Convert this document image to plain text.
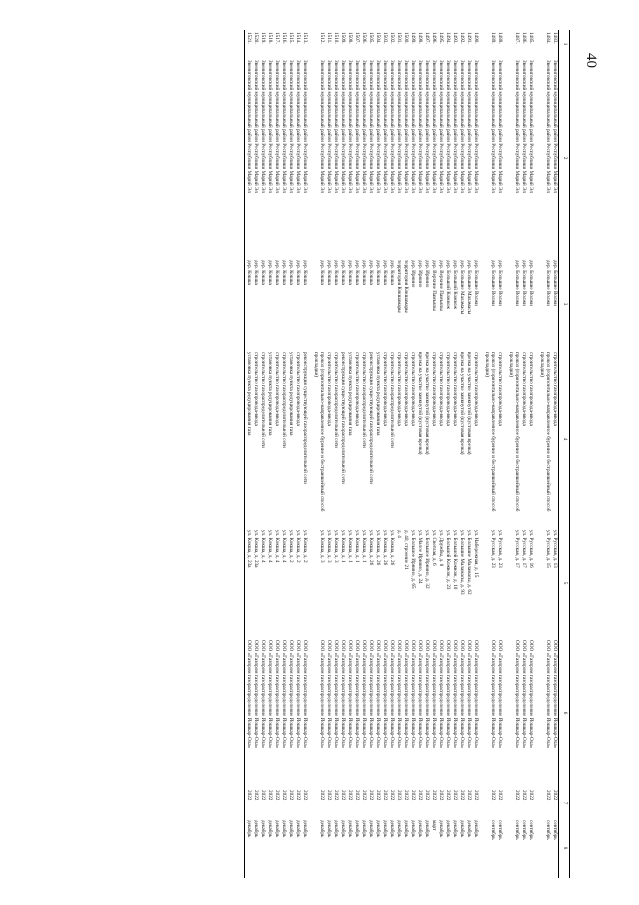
40
1	2	3	4	5	6	7	8
1483.	Звениговский муниципальный район Республики Марий Эл	дер. Большие Волжи	строительство газопровода-ввода	ул. Русская, д. 13	ООО «Газпром газораспределение Йошкар-Ола»	2022	сентябрь
1484.	Звениговский муниципальный район Республики Марий Эл	дер. Большие Волжи	прокол (горизонтально-направленное бурение и бестраншейный способ прокладки)	ул. Русская, д. 15	ООО «Газпром газораспределение Йошкар-Ола»	2022	сентябрь

1485.	Звениговский муниципальный район Республики Марий Эл	дер. Большие Волжи	строительство газопровода-ввода	ул. Русская, д. 16	ООО «Газпром газораспределение Йошкар-Ола»	2022	сентябрь
1486.	Звениговский муниципальный район Республики Марий Эл	дер. Большие Волжи	строительство газопровода-ввода	ул. Русская, д. 17	ООО «Газпром газораспределение Йошкар-Ола»	2022	сентябрь
1487.	Звениговский муниципальный район Республики Марий Эл	дер. Большие Волжи	прокол (горизонтально-направленное бурение и бестраншейный способ прокладки)	ул. Русская, д. 17	ООО «Газпром газораспределение Йошкар-Ола»	2022	сентябрь

1488.	Звениговский муниципальный район Республики Марий Эл	дер. Большие Волжи	строительство газопровода-ввода	ул. Русская, д. 23	ООО «Газпром газораспределение Йошкар-Ола»	2022	сентябрь
1489.	Звениговский муниципальный район Республики Марий Эл	дер. Большие Волжи	прокол (горизонтально-направленное бурение и бестраншейный способ прокладки)	ул. Русская, д. 23	ООО «Газпром газораспределение Йошкар-Ола»	2022	сентябрь

1490.	Звениговский муниципальный район Республики Марий Эл	дер. Большие Волжи	строительство газопровода-ввода	ул. Набережная, д. 15	ООО «Газпром газораспределение Йошкар-Ола»	2022	декабрь
1491.	Звениговский муниципальный район Республики Марий Эл	дер. Большие Маламасы	врезка на участке замкнутой (кустовая врезка)	ул. Большие Маламасы, д. 62	ООО «Газпром газораспределение Йошкар-Ола»	2022	декабрь
1492.	Звениговский муниципальный район Республики Марий Эл	дер. Большие Маламасы	врезка на участке замкнутой (кустовая врезка)	ул. Большие Маламасы, д. 93	ООО «Газпром газораспределение Йошкар-Ола»	2022	декабрь
1493.	Звениговский муниципальный район Республики Марий Эл	дер. Большой Кожвож	строительство газопровода-ввода	ул. Большой Кожвож, д. 10	ООО «Газпром газораспределение Йошкар-Ола»	2022	декабрь
1494.	Звениговский муниципальный район Республики Марий Эл	дер. Большой Кожвож	строительство газопровода-ввода	ул. Большой Кожвож, д. 23	ООО «Газпром газораспределение Йошкар-Ола»	2022	декабрь
1495.	Звениговский муниципальный район Республики Марий Эл	дер. Верхние Памъялы	строительство газопровода-ввода	ул. Дружбы, д. 8	ООО «Газпром газораспределение Йошкар-Ола»	2022	декабрь
1496.	Звениговский муниципальный район Республики Марий Эл	дер. Верхние Памъялы	строительство газопровода-ввода	ул. Светлая, д. 6	ООО «Газпром газораспределение Йошкар-Ола»	2022	март
1497.	Звениговский муниципальный район Республики Марий Эл	дер. Ирнино	врезка на участке замкнутой (кустовая врезка)	ул. Большое Ирнино, д. 32	ООО «Газпром газораспределение Йошкар-Ола»	2022	декабрь
1498.	Звениговский муниципальный район Республики Марий Эл	дер. Ирнино	врезка на участке замкнутой (кустовая врезка)	ул. Малое Ирнино, д. 24	ООО «Газпром газораспределение Йошкар-Ола»	2022	декабрь
1499.	Звениговский муниципальный район Республики Марий Эл	дер. Ирнино	строительство газопровода-ввода	ул. Большое Ирнино, д. 65	ООО «Газпром газораспределение Йошкар-Ола»	2022	декабрь
1500.	Звениговский муниципальный район Республики Марий Эл	территория Кокшамары	строительство газопровода-ввода	д. 40, строение 21	ООО «Газпром газораспределение Йошкар-Ола»	2022	декабрь
1501.	Звениговский муниципальный район Республики Марий Эл	территория Кокшамары	строительство газопровода-ввода	д. 4	ООО «Газпром газораспределение Йошкар-Ола»	2023	декабрь
1502.	Звениговский муниципальный район Республики Марий Эл	дер. Кокша	строительство газораспределительной сети	ул. Кокша, д. 26	ООО «Газпром газораспределение Йошкар-Ола»	2022	декабрь
1503.	Звениговский муниципальный район Республики Марий Эл	дер. Кокша	строительство газопровода-ввода	ул. Кокша, д. 26	ООО «Газпром газораспределение Йошкар-Ола»	2022	декабрь
1504.	Звениговский муниципальный район Республики Марий Эл	дер. Кокша	установка пункта редуцирования газа	ул. Кокша, д. 26	ООО «Газпром газораспределение Йошкар-Ола»	2022	декабрь
1505.	Звениговский муниципальный район Республики Марий Эл	дер. Кокша	реконструкция существующей газораспределительной сети	ул. Кокша, д. 26	ООО «Газпром газораспределение Йошкар-Ола»	2022	декабрь
1506.	Звениговский муниципальный район Республики Марий Эл	дер. Кокша	строительство газораспределительной сети	ул. Кокша, д. 1	ООО «Газпром газораспределение Йошкар-Ола»	2022	декабрь
1507.	Звениговский муниципальный район Республики Марий Эл	дер. Кокша	строительство газопровода-ввода	ул. Кокша, д. 1	ООО «Газпром газораспределение Йошкар-Ола»	2022	декабрь
1508.	Звениговский муниципальный район Республики Марий Эл	дер. Кокша	установка пункта редуцирования газа	ул. Кокша, д. 1	ООО «Газпром газораспределение Йошкар-Ола»	2022	декабрь
1509.	Звениговский муниципальный район Республики Марий Эл	дер. Кокша	реконструкция существующей газораспределительной сети	ул. Кокша, д. 1	ООО «Газпром газораспределение Йошкар-Ола»	2022	декабрь
1510.	Звениговский муниципальный район Республики Марий Эл	дер. Кокша	строительство газораспределительной сети	ул. Кокша, д. 3	ООО «Газпром газораспределение Йошкар-Ола»	2022	декабрь
1511.	Звениговский муниципальный район Республики Марий Эл	дер. Кокша	строительство газопровода-ввода	ул. Кокша, д. 3	ООО «Газпром газораспределение Йошкар-Ола»	2022	декабрь
1512.	Звениговский муниципальный район Республики Марий Эл	дер. Кокша	прокол (горизонтально-направленное бурение и бестраншейный способ прокладки)	ул. Кокша, д. 3	ООО «Газпром газораспределение Йошкар-Ола»	2022	декабрь

1513.	Звениговский муниципальный район Республики Марий Эл	дер. Кокша	реконструкция существующей газораспределительной сети	ул. Кокша, д. 2	ООО «Газпром газораспределение Йошкар-Ола»	2022	декабрь
1514.	Звениговский муниципальный район Республики Марий Эл	дер. Кокша	строительство газопровода-ввода	ул. Кокша, д. 2	ООО «Газпром газораспределение Йошкар-Ола»	2022	декабрь
1515.	Звениговский муниципальный район Республики Марий Эл	дер. Кокша	установка пункта редуцирования газа	ул. Кокша, д. 2	ООО «Газпром газораспределение Йошкар-Ола»	2022	декабрь
1516.	Звениговский муниципальный район Республики Марий Эл	дер. Кокша	строительство газораспределительной сети	ул. Кокша, д. 4	ООО «Газпром газораспределение Йошкар-Ола»	2022	декабрь
1517.	Звениговский муниципальный район Республики Марий Эл	дер. Кокша	строительство газопровода-ввода	ул. Кокша, д. 4	ООО «Газпром газораспределение Йошкар-Ола»	2022	декабрь
1518.	Звениговский муниципальный район Республики Марий Эл	дер. Кокша	установка пункта редуцирования газа	ул. Кокша, д. 4	ООО «Газпром газораспределение Йошкар-Ола»	2022	декабрь
1519.	Звениговский муниципальный район Республики Марий Эл	дер. Кокша	строительство газораспределительной сети	ул. Кокша, д. 4	ООО «Газпром газораспределение Йошкар-Ола»	2022	декабрь
1520.	Звениговский муниципальный район Республики Марий Эл	дер. Кокша	строительство газопровода-ввода	ул. Кокша, д. 23а	ООО «Газпром газораспределение Йошкар-Ола»	2022	декабрь
1521.	Звениговский муниципальный район Республики Марий Эл	дер. Кокша	установка пункта редуцирования газа	ул. Кокша, д. 23а	ООО «Газпром газораспределение Йошкар-Ола»	2022	декабрь
